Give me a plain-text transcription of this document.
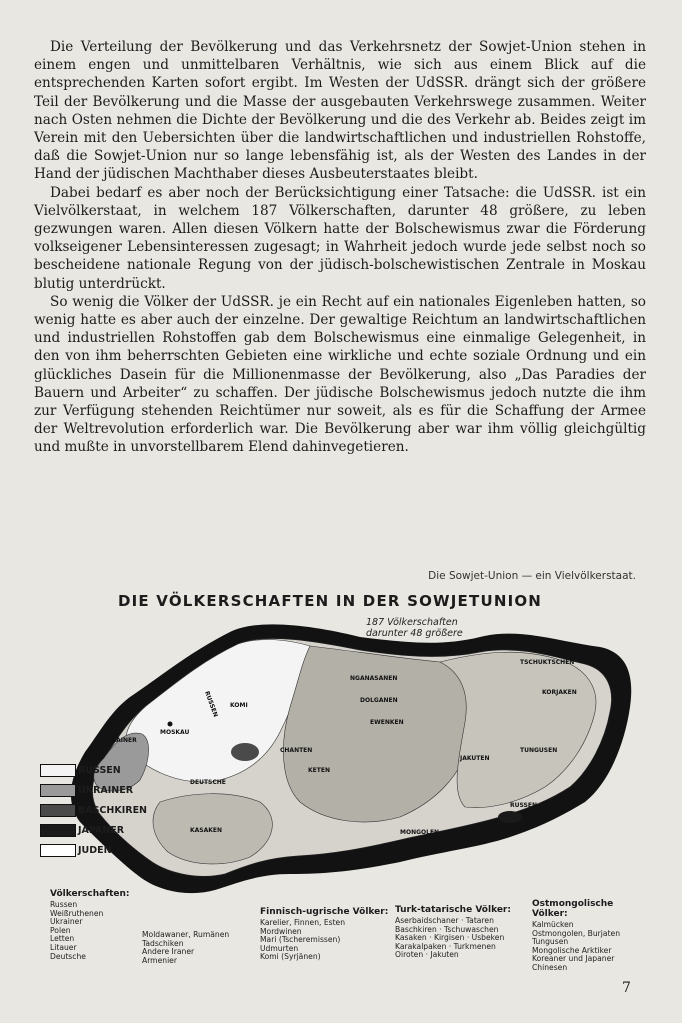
Die Verteilung der Bevölkerung und das Verkehrsnetz der Sowjet-Union stehen in einem engen und unmittelbaren Verhältnis, wie sich aus einem Blick auf die entsprechenden Karten sofort ergibt. Im Westen der UdSSR. drängt sich der größere Teil der Bevölkerung und die Masse der ausgebauten Verkehrswege zusammen. Weiter nach Osten nehmen die Dichte der Bevölkerung und die des Verkehr ab. Beides zeigt im Verein mit den Uebersichten über die landwirtschaftlichen und industriellen Rohstoffe, daß die Sowjet-Union nur so lange lebensfähig ist, als der Westen des Landes in der Hand der jüdischen Machthaber dieses Ausbeuterstaates bleibt.

Dabei bedarf es aber noch der Berücksichtigung einer Tatsache: die UdSSR. ist ein Vielvölkerstaat, in welchem 187 Völkerschaften, darunter 48 größere, zu leben gezwungen waren. Allen diesen Völkern hatte der Bolschewismus zwar die Förderung volkseigener Lebensinteressen zugesagt; in Wahrheit jedoch wurde jede selbst noch so bescheidene nationale Regung von der jüdisch-bolschewistischen Zentrale in Moskau blutig unterdrückt.

So wenig die Völker der UdSSR. je ein Recht auf ein nationales Eigenleben hatten, so wenig hatte es aber auch der einzelne. Der gewaltige Reichtum an landwirtschaftlichen und industriellen Rohstoffen gab dem Bolschewismus eine einmalige Gelegenheit, in den von ihm beherrschten Gebieten eine wirkliche und echte soziale Ordnung und ein glückliches Dasein für die Millionenmasse der Bevölkerung, also „Das Paradies der Bauern und Arbeiter“ zu schaffen. Der jüdische Bolschewismus jedoch nutzte die ihm zur Verfügung stehenden Reichtümer nur soweit, als es für die Schaffung der Armee der Weltrevolution erforderlich war. Die Bevölkerung aber war ihm völlig gleichgültig und mußte in unvorstellbarem Elend dahinvegetieren.

Die Sowjet-Union — ein Vielvölkerstaat.
DIE VÖLKERSCHAFTEN IN DER SOWJETUNION
187 Völkerschaften
darunter 48 größere
TSCHUKTSCHEN
KORJAKEN
NGANASANEN
DOLGANEN
EWENKEN
JAKUTEN
TUNGUSEN
RUSSEN
MONGOLEN
KETEN
CHANTEN
KOMI
UKRAINER
MOSKAU
KASAKEN
DEUTSCHE
RUSSEN
RUSSEN
UKRAINER
BASCHKIREN
JAPANER
JUDEN
Völkerschaften:
Russen
Weißruthenen
Ukrainer
Polen
Letten
Litauer
Deutsche
Moldawaner, Rumänen
Tadschiken
Andere Iraner
Armenier
Finnisch-ugrische Völker:
Karelier, Finnen, Esten
Mordwinen
Mari (Tscheremissen)
Udmurten
Komi (Syrjänen)
Turk-tatarische Völker:
Aserbaidschaner · Tataren
Baschkiren · Tschuwaschen
Kasaken · Kirgisen · Usbeken
Karakalpaken · Turkmenen
Oiroten · Jakuten
Ostmongolische Völker:
Kalmücken
Ostmongolen, Burjaten
Tungusen
Mongolische Arktiker
Koreaner und Japaner
Chinesen
7
